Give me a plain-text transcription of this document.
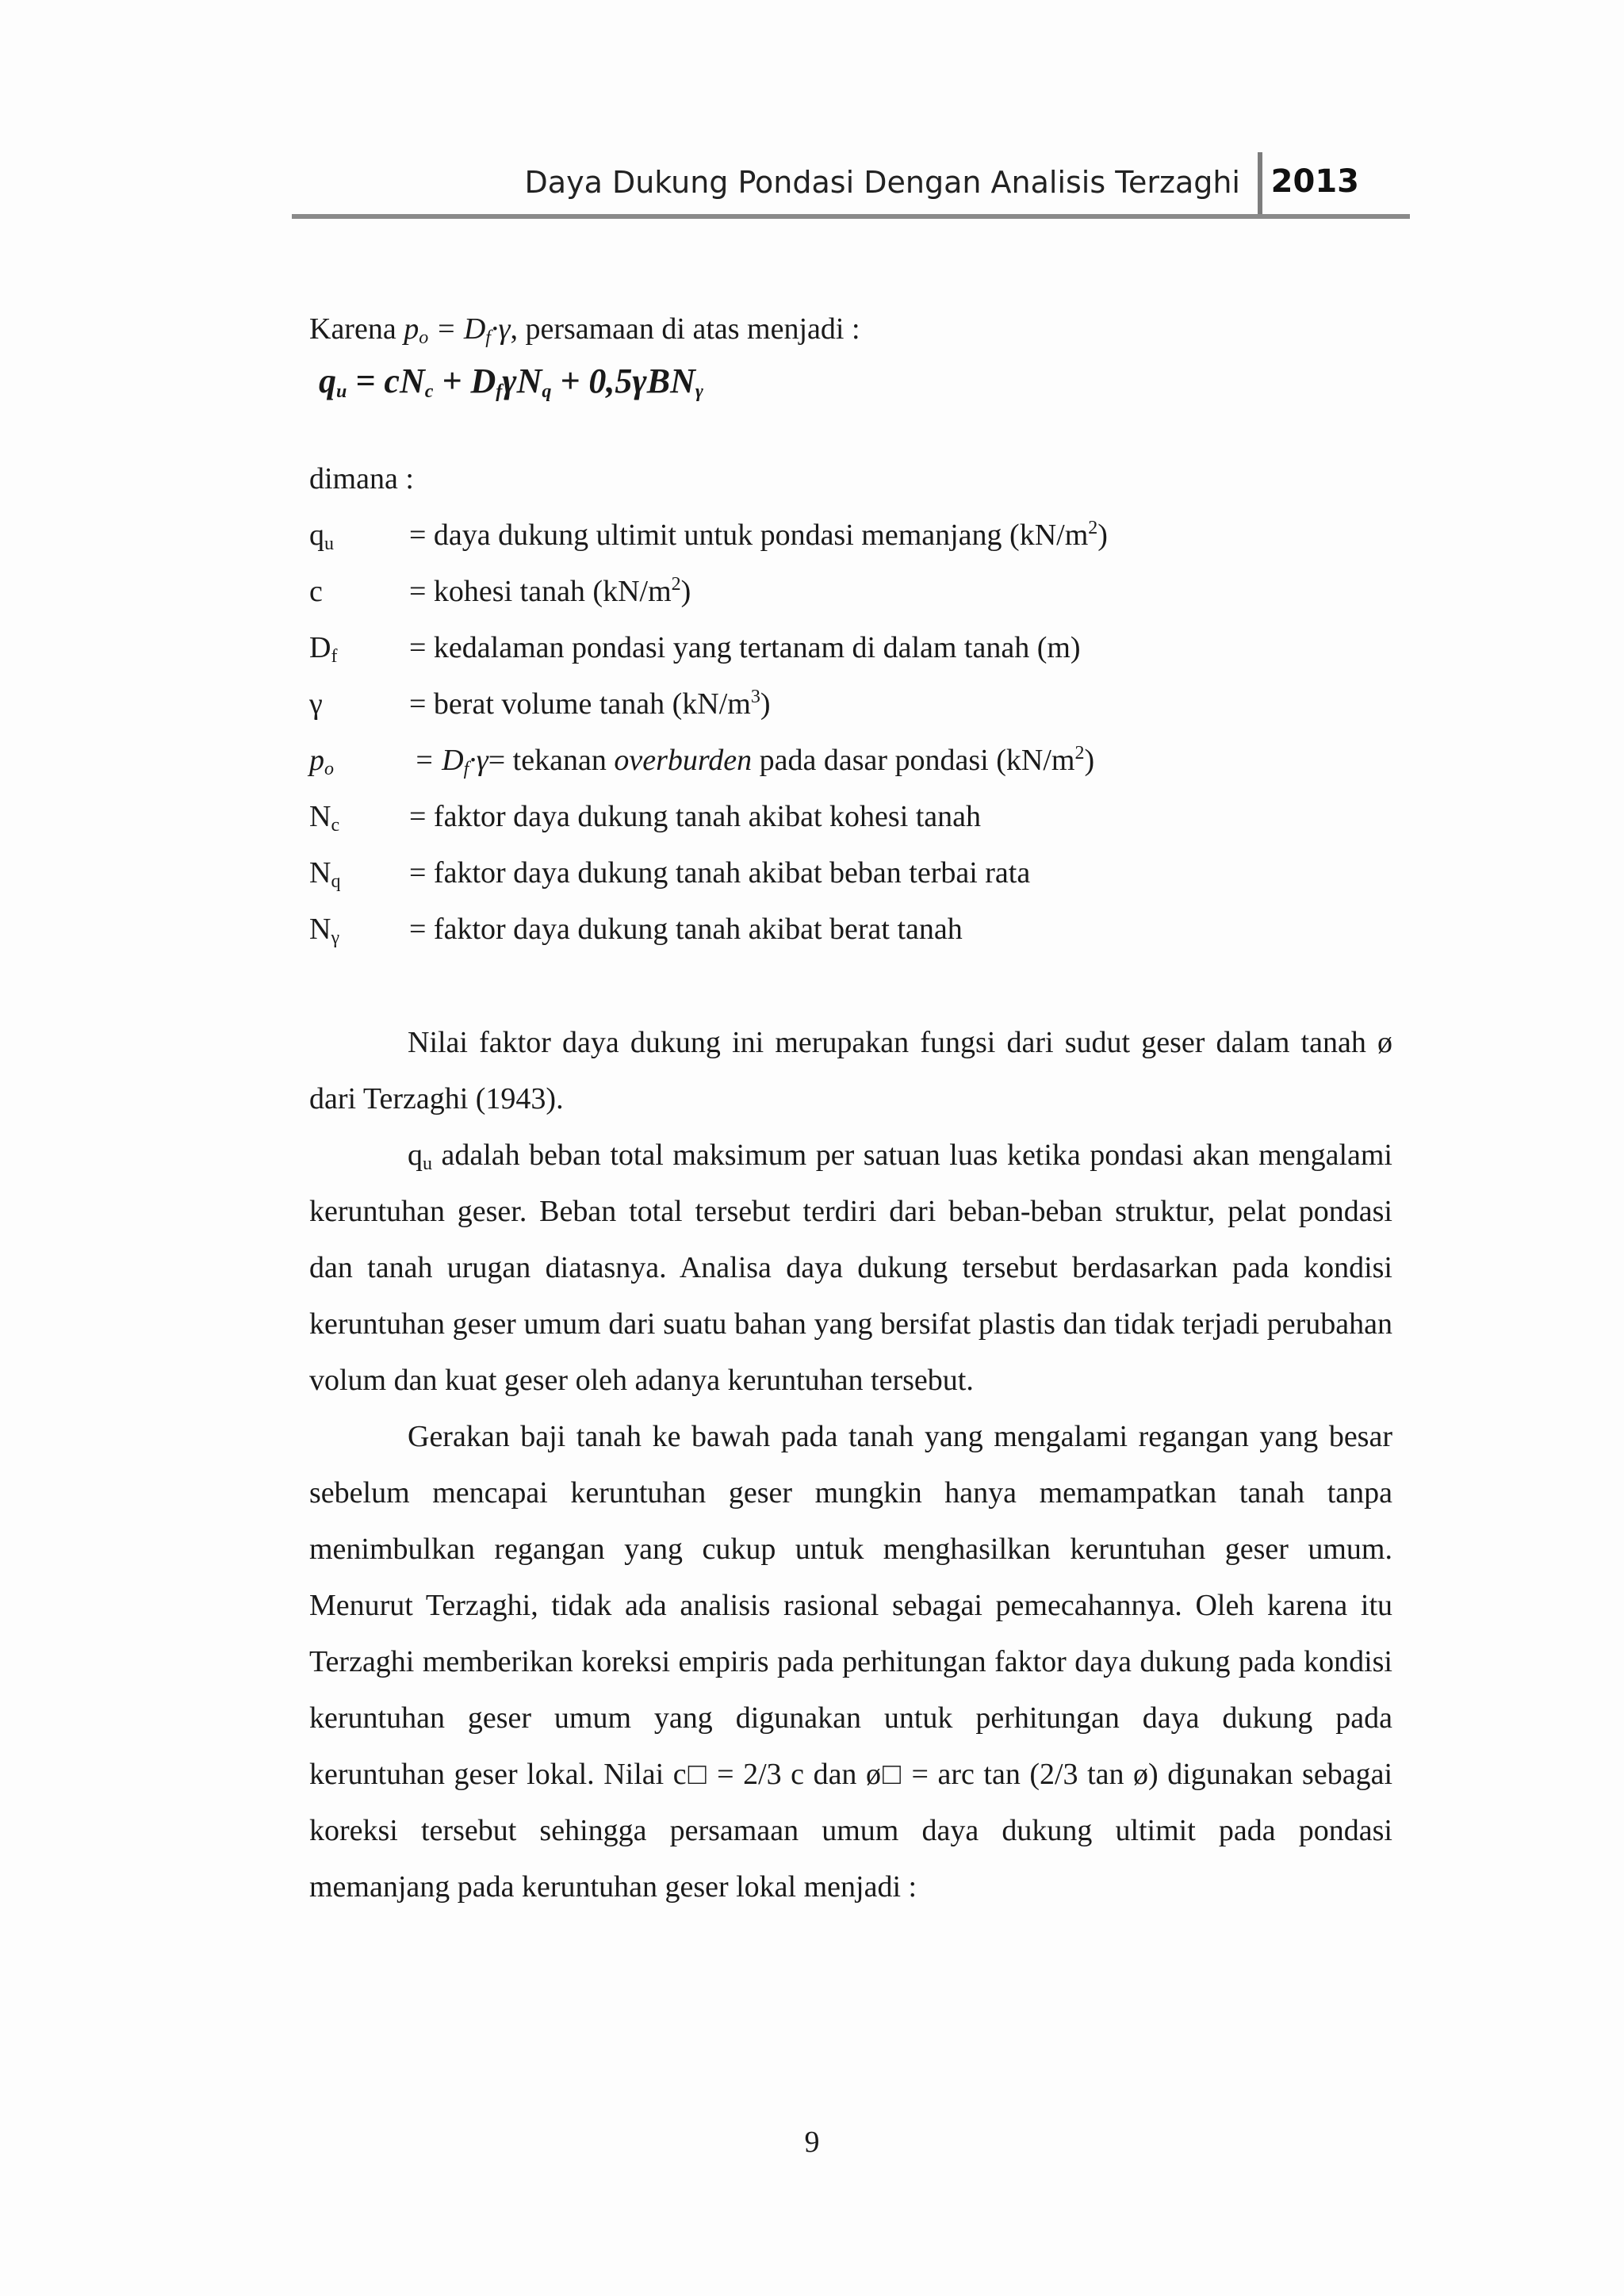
Daya Dukung Pondasi Dengan Analisis Terzaghi 2013
Karena $p_o = D_f\cdot\gamma$, persamaan di atas menjadi :
$q_u = cN_c + D_f\gamma N_q + 0,5\gamma BN_\gamma$
dimana :
$q_u$	= daya dukung ultimit untuk pondasi memanjang $(kN/m^2)$
c	= kohesi tanah $(kN/m^2)$
$D_f$	= kedalaman pondasi yang tertanam di dalam tanah (m)
γ	= berat volume tanah $(kN/m^3)$
$p_o$	= $D_f\cdot\gamma=$ tekanan overburden pada dasar pondasi $(kN/m^2)$
$N_c$	= faktor daya dukung tanah akibat kohesi tanah
$N_q$	= faktor daya dukung tanah akibat beban terbai rata
$N_\gamma$	= faktor daya dukung tanah akibat berat tanah
Nilai faktor daya dukung ini merupakan fungsi dari sudut geser dalam tanah ø dari Terzaghi (1943).
$q_u$ adalah beban total maksimum per satuan luas ketika pondasi akan mengalami keruntuhan geser. Beban total tersebut terdiri dari beban-beban struktur, pelat pondasi dan tanah urugan diatasnya. Analisa daya dukung tersebut berdasarkan pada kondisi keruntuhan geser umum dari suatu bahan yang bersifat plastis dan tidak terjadi perubahan volum dan kuat geser oleh adanya keruntuhan tersebut.
Gerakan baji tanah ke bawah pada tanah yang mengalami regangan yang besar sebelum mencapai keruntuhan geser mungkin hanya memampatkan tanah tanpa menimbulkan regangan yang cukup untuk menghasilkan keruntuhan geser umum. Menurut Terzaghi, tidak ada analisis rasional sebagai pemecahannya. Oleh karena itu Terzaghi memberikan koreksi empiris pada perhitungan faktor daya dukung pada kondisi keruntuhan geser umum yang digunakan untuk perhitungan daya dukung pada keruntuhan geser lokal. Nilai c□ = 2/3 c dan ø□ = arc tan (2/3 tan ø) digunakan sebagai koreksi tersebut sehingga persamaan umum daya dukung ultimit pada pondasi memanjang pada keruntuhan geser lokal menjadi :
9
